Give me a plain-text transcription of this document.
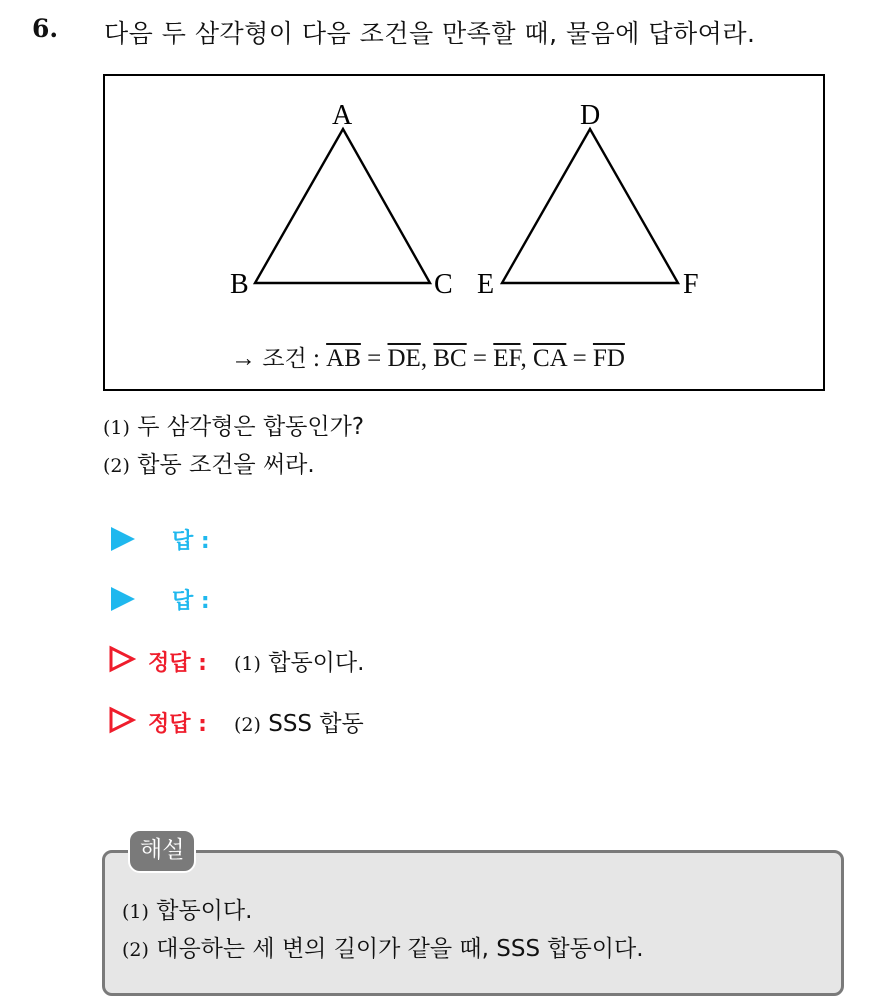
6. 다음 두 삼각형이 다음 조건을 만족할 때, 물음에 답하여라.
A
B	C
D
E	F
→ 조건 : $\overline{AB} = \overline{DE}$, $\overline{BC} = \overline{EF}$, $\overline{CA} = \overline{FD}$
(1) 두 삼각형은 합동인가?
(2) 합동 조건을 써라.
답 :
답 :
정답 : (1) 합동이다.
정답 : (2) SSS 합동
해설
(1) 합동이다.
(2) 대응하는 세 변의 길이가 같을 때, SSS 합동이다.
